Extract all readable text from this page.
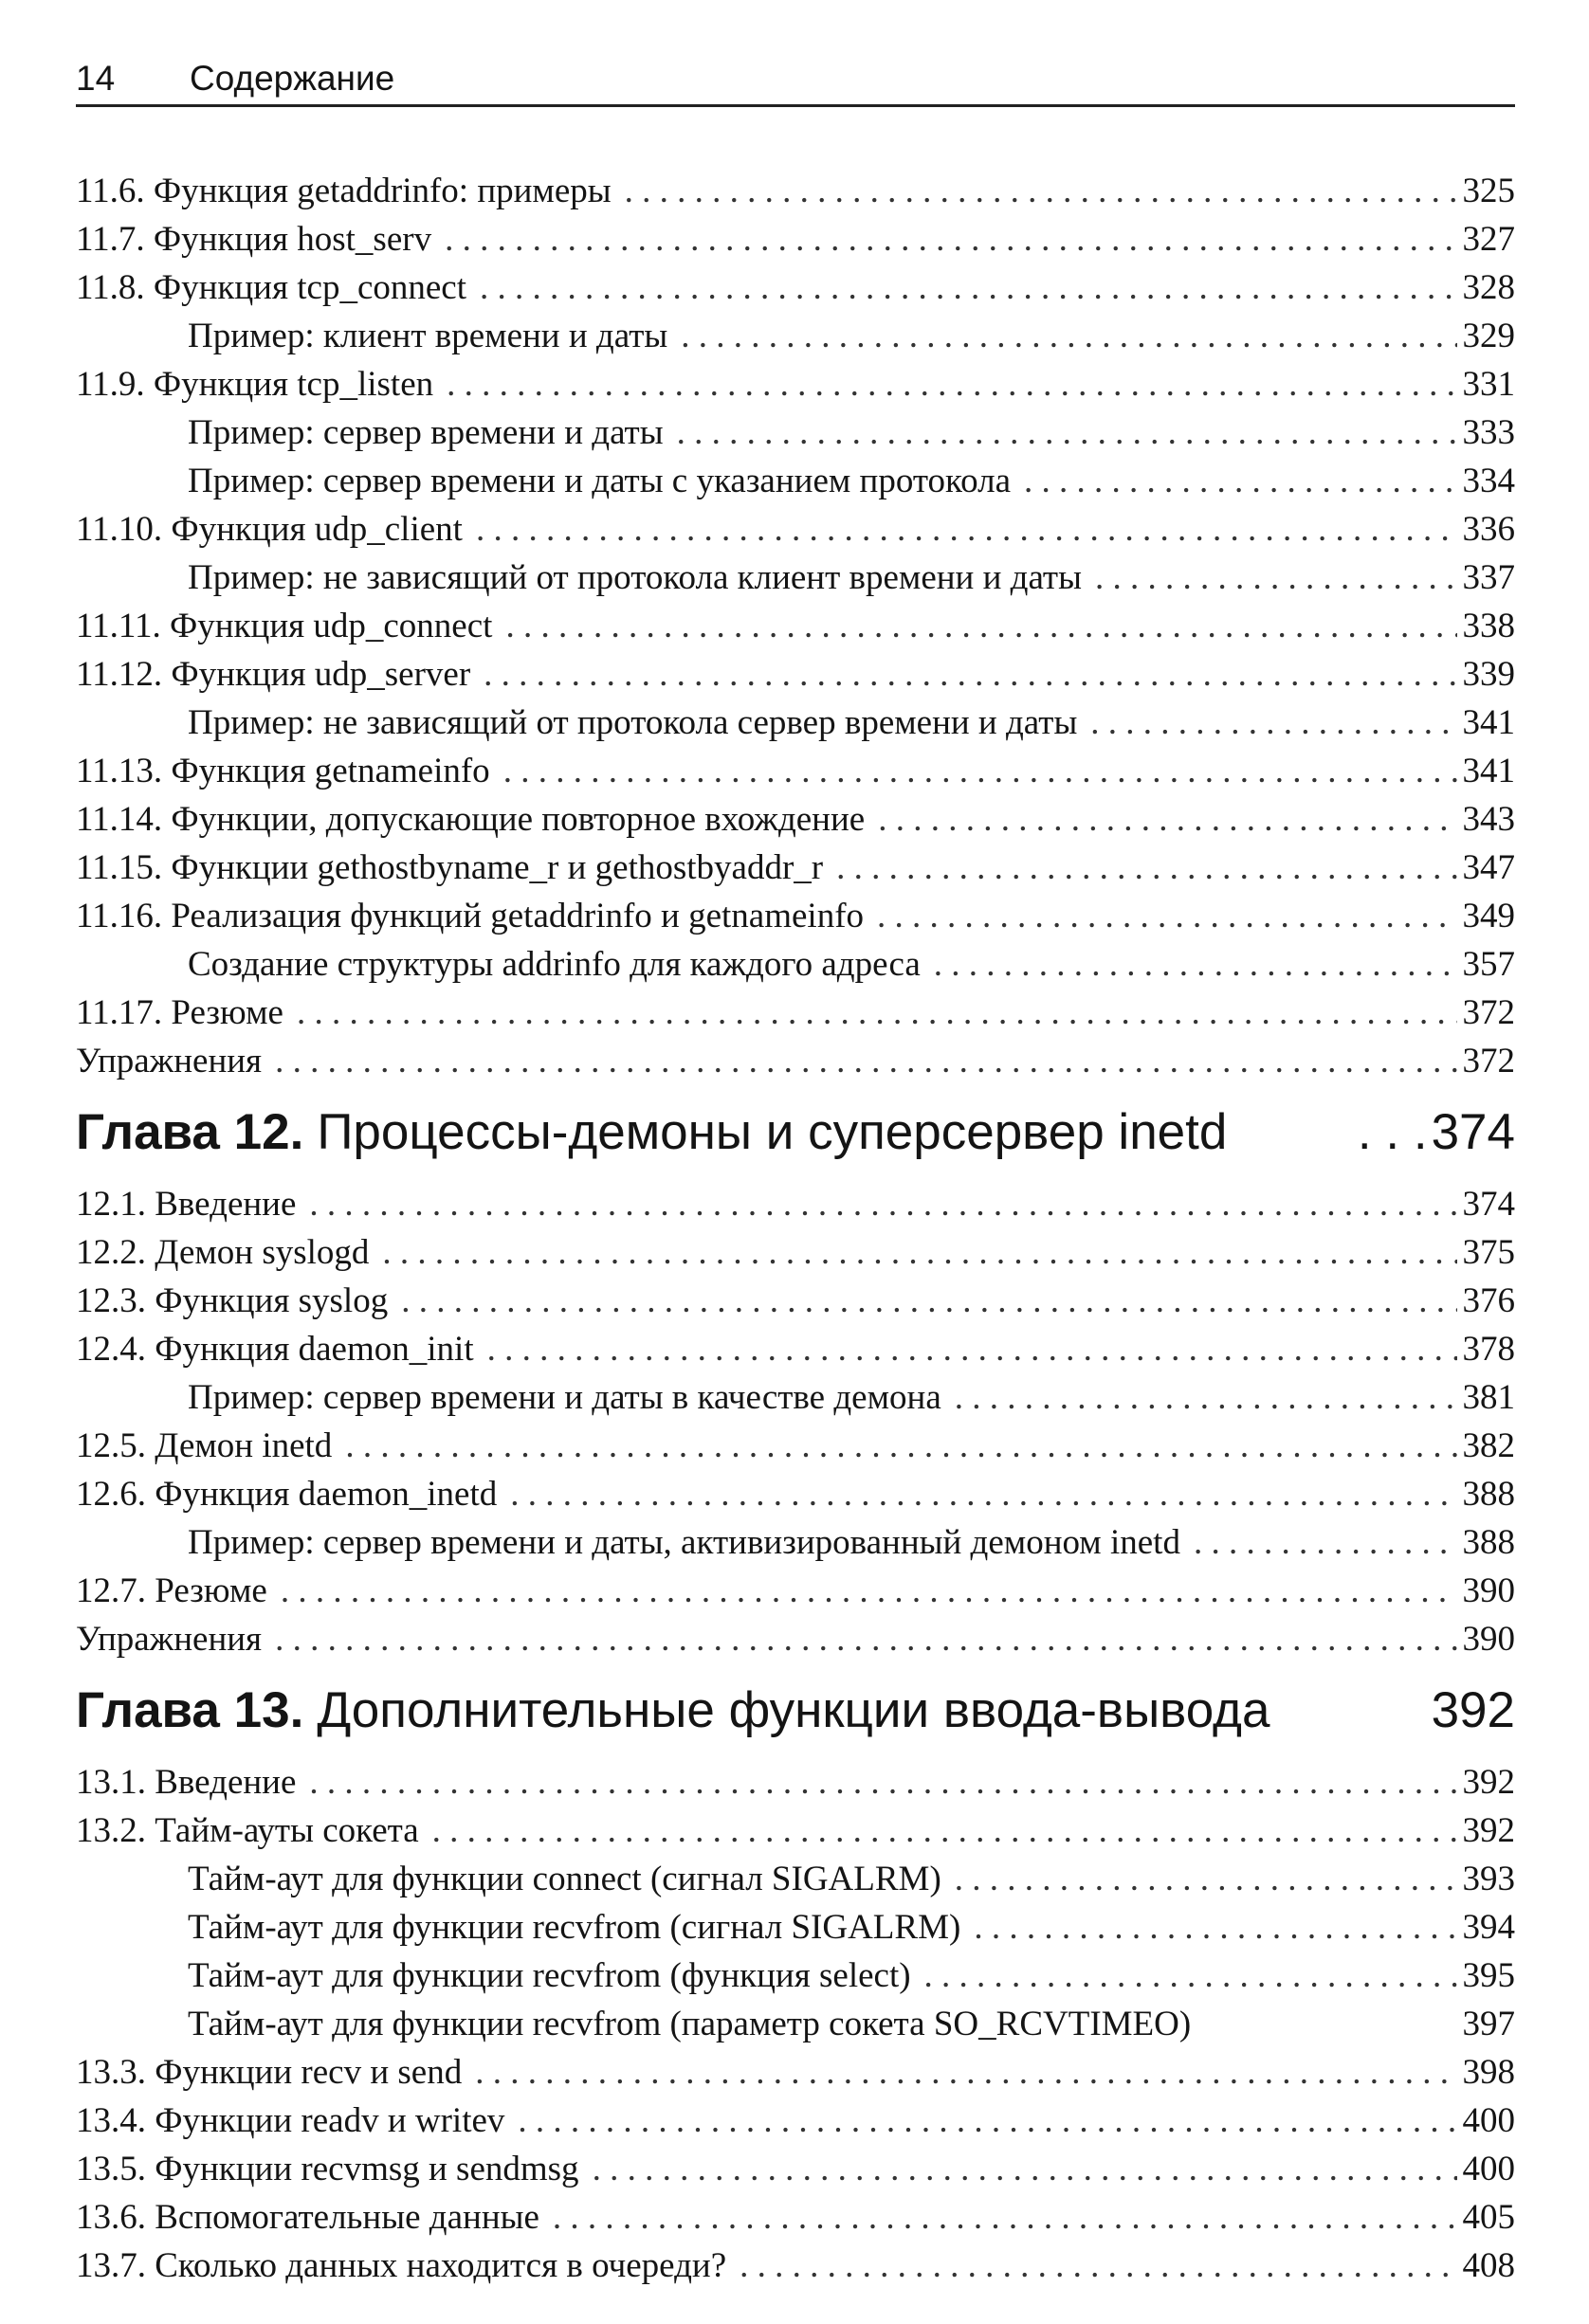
14	Содержание
11.6. Функция getaddrinfo: примеры . . .	325
11.7. Функция host_serv . . .	327
11.8. Функция tcp_connect . . .	328
Пример: клиент времени и даты . . .	329
11.9. Функция tcp_listen . . .	331
Пример: сервер времени и даты . . .	333
Пример: сервер времени и даты с указанием протокола . . .	334
11.10. Функция udp_client . . .	336
Пример: не зависящий от протокола клиент времени и даты . . .	337
11.11. Функция udp_connect . . .	338
11.12. Функция udp_server . . .	339
Пример: не зависящий от протокола сервер времени и даты . . .	341
11.13. Функция getnameinfo . . .	341
11.14. Функции, допускающие повторное вхождение . . .	343
11.15. Функции gethostbyname_r и gethostbyaddr_r . . .	347
11.16. Реализация функций getaddrinfo и getnameinfo . . .	349
Создание структуры addrinfo для каждого адреса . . .	357
11.17. Резюме . . .	372
Упражнения . . .	372
Глава 12. Процессы-демоны и суперсервер inetd	. . . 374
12.1. Введение . . .	374
12.2. Демон syslogd . . .	375
12.3. Функция syslog . . .	376
12.4. Функция daemon_init . . .	378
Пример: сервер времени и даты в качестве демона . . .	381
12.5. Демон inetd . . .	382
12.6. Функция daemon_inetd . . .	388
Пример: сервер времени и даты, активизированный демоном inetd . . .	388
12.7. Резюме . . .	390
Упражнения . . .	390
Глава 13. Дополнительные функции ввода-вывода	392
13.1. Введение . . .	392
13.2. Тайм-ауты сокета . . .	392
Тайм-аут для функции connect (сигнал SIGALRM) . . .	393
Тайм-аут для функции recvfrom (сигнал SIGALRM) . . .	394
Тайм-аут для функции recvfrom (функция select) . . .	395
Тайм-аут для функции recvfrom (параметр сокета SO_RCVTIMEO)	397
13.3. Функции recv и send . . .	398
13.4. Функции readv и writev . . .	400
13.5. Функции recvmsg и sendmsg . . .	400
13.6. Вспомогательные данные . . .	405
13.7. Сколько данных находится в очереди? . . .	408
